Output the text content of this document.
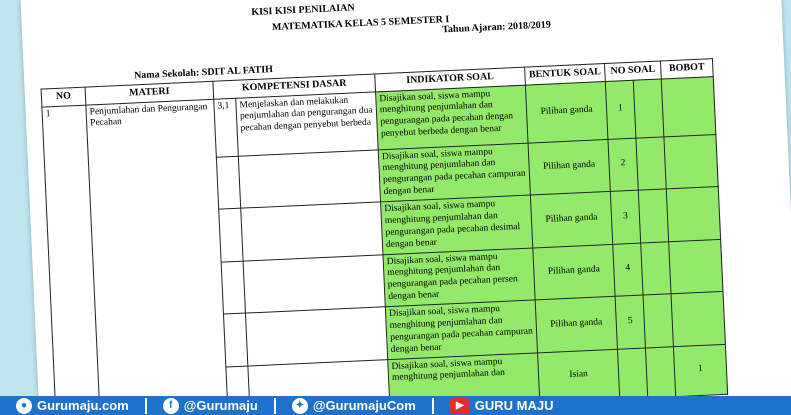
KISI KISI PENILAIAN
MATEMATIKA KELAS 5 SEMESTER I
Tahun Ajaran: 2018/2019
Nama Sekolah: SDIT AL FATIH
NO	MATERI	KOMPETENSI DASAR		INDIKATOR SOAL	BENTUK SOAL	NO SOAL		BOBOT
1	Penjumlahan dan Pengurangan Pecahan	3,1	Menjelaskan dan melakukan penjumlahan dan pengurangan dua pecahan dengan penyebut berbeda	Disajikan soal, siswa mampu menghitung penjumlahan dan pengurangan pada pecahan dengan penyebut berbeda dengan benar	Pilihan ganda	1		
				Disajikan soal, siswa mampu menghitung penjumlahan dan pengurangan pada pecahan campuran dengan benar	Pilihan ganda	2		
				Disajikan soal, siswa mampu menghitung penjumlahan dan pengurangan pada pecahan desimal dengan benar	Pilihan ganda	3		
				Disajikan soal, siswa mampu menghitung penjumlahan dan pengurangan pada pecahan persen dengan benar	Pilihan ganda	4		
				Disajikan soal, siswa mampu menghitung penjumlahan dan pengurangan pada pecahan campuran dengan benar	Pilihan ganda	5		
				Disajikan soal, siswa mampu menghitung penjumlahan dan	Isian			1
● Gurumaju.com	f @Gurumaju	✦ @GurumajuCom	▶ GURU MAJU
